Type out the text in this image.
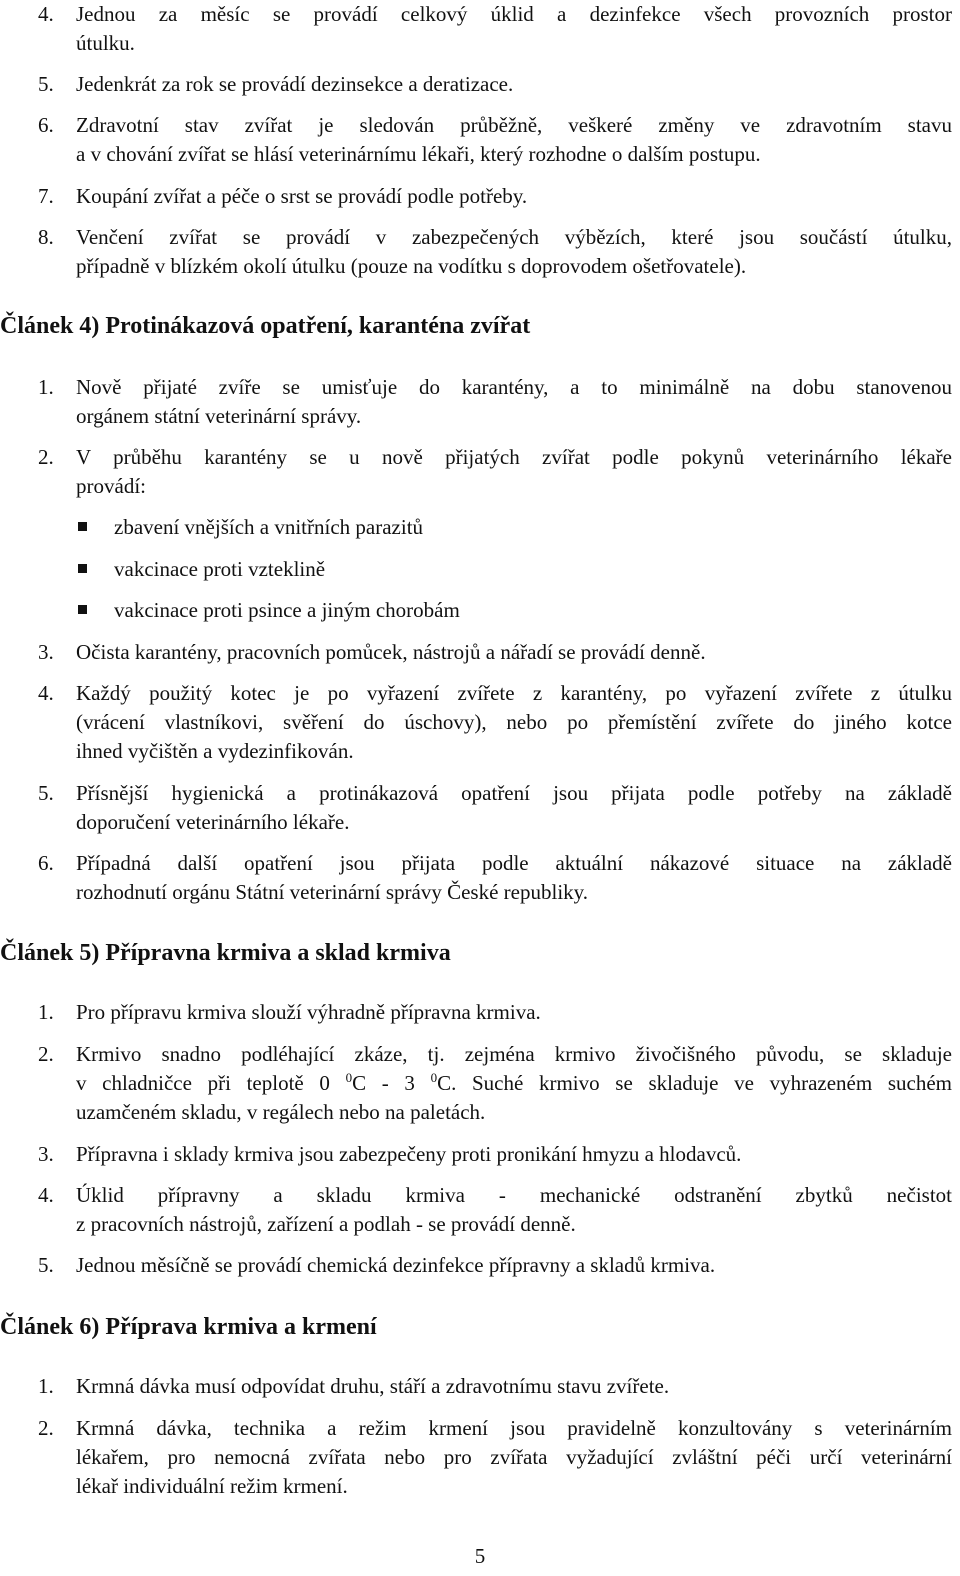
4. Jednou za měsíc se provádí celkový úklid a dezinfekce všech provozních prostor
útulku.
5. Jedenkrát za rok se provádí dezinsekce a deratizace.
6. Zdravotní stav zvířat je sledován průběžně, veškeré změny ve zdravotním stavu
a v chování zvířat se hlásí veterinárnímu lékaři, který rozhodne o dalším postupu.
7. Koupání zvířat a péče o srst se provádí podle potřeby.
8. Venčení zvířat se provádí v zabezpečených výbězích, které jsou součástí útulku,
případně v blízkém okolí útulku (pouze na vodítku s doprovodem ošetřovatele).
Článek 4) Protinákazová opatření, karanténa zvířat
1. Nově přijaté zvíře se umisťuje do karantény, a to minimálně na dobu stanovenou
orgánem státní veterinární správy.
2. V průběhu karantény se u nově přijatých zvířat podle pokynů veterinárního lékaře
provádí:
zbavení vnějších a vnitřních parazitů
vakcinace proti vzteklině
vakcinace proti psince a jiným chorobám
3. Očista karantény, pracovních pomůcek, nástrojů a nářadí se provádí denně.
4. Každý použitý kotec je po vyřazení zvířete z karantény, po vyřazení zvířete z útulku
(vrácení vlastníkovi, svěření do úschovy), nebo po přemístění zvířete do jiného kotce
ihned vyčištěn a vydezinfikován.
5. Přísnější hygienická a protinákazová opatření jsou přijata podle potřeby na základě
doporučení veterinárního lékaře.
6. Případná další opatření jsou přijata podle aktuální nákazové situace na základě
rozhodnutí orgánu Státní veterinární správy České republiky.
Článek 5) Přípravna krmiva a sklad krmiva
1. Pro přípravu krmiva slouží výhradně přípravna krmiva.
2. Krmivo snadno podléhající zkáze, tj. zejména krmivo živočišného původu, se skladuje
v chladničce při teplotě 0 $^0$C - 3 $^0$C. Suché krmivo se skladuje ve vyhrazeném suchém
uzamčeném skladu, v regálech nebo na paletách.
3. Přípravna i sklady krmiva jsou zabezpečeny proti pronikání hmyzu a hlodavců.
4. Úklid přípravny a skladu krmiva - mechanické odstranění zbytků nečistot
z pracovních nástrojů, zařízení a podlah - se provádí denně.
5. Jednou měsíčně se provádí chemická dezinfekce přípravny a skladů krmiva.
Článek 6) Příprava krmiva a krmení
1. Krmná dávka musí odpovídat druhu, stáří a zdravotnímu stavu zvířete.
2. Krmná dávka, technika a režim krmení jsou pravidelně konzultovány s veterinárním
lékařem, pro nemocná zvířata nebo pro zvířata vyžadující zvláštní péči určí veterinární
lékař individuální režim krmení.
5
